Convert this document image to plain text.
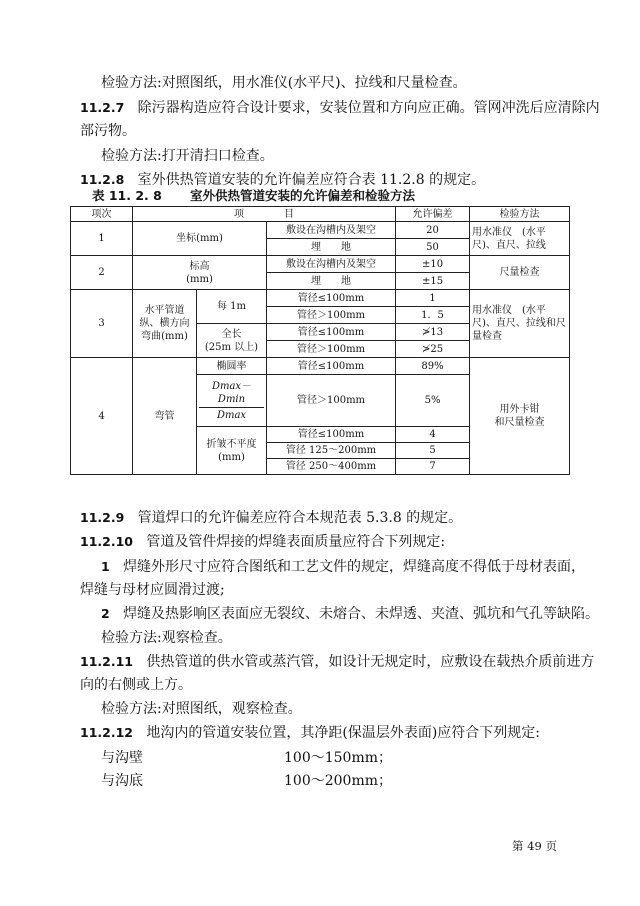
检验方法:对照图纸，用水准仪(水平尺)、拉线和尺量检查。
11.2.7 除污器构造应符合设计要求，安装位置和方向应正确。管网冲洗后应清除内
部污物。
检验方法:打开清扫口检查。
11.2.8 室外供热管道安装的允许偏差应符合表 11.2.8 的规定。
表 11. 2. 8 室外供热管道安装的允许偏差和检验方法
项次	项　　　　目			允许偏差	检验方法
1	坐标(mm)		敷设在沟槽内及架空	20	用水准仪　(水平尺)、直尺、拉线
			埋　　地	50	
2	标高
(mm)		敷设在沟槽内及架空	±10	尺量检查
			埋　　地	±15	
3	水平管道纵、横方向弯曲(mm)	每 1m	管径≤100mm	1	用水准仪　(水平尺)、直尺、拉线和尺量检查
			管径＞100mm	1．5	

		全长
(25m 以上)	管径≤100mm	≯13	
			管径＞100mm	≯25	
4	弯管	椭圆率	管径≤100mm	89%	用外卡钳
和尺量检查

		$\frac{Dmax-Dmin}{Dmax}$	管径＞100mm	5%	

		折皱不平度
(mm)	管径≤100mm	4	
			管径 125～200mm	5	
			管径 250～400mm	7	
11.2.9 管道焊口的允许偏差应符合本规范表 5.3.8 的规定。
11.2.10 管道及管件焊接的焊缝表面质量应符合下列规定:
1 焊缝外形尺寸应符合图纸和工艺文件的规定，焊缝高度不得低于母材表面，
焊缝与母材应圆滑过渡;
2 焊缝及热影响区表面应无裂纹、未熔合、未焊透、夹渣、弧坑和气孔等缺陷。
检验方法:观察检查。
11.2.11 供热管道的供水管或蒸汽管，如设计无规定时，应敷设在载热介质前进方
向的右侧或上方。
检验方法:对照图纸，观察检查。
11.2.12 地沟内的管道安装位置，其净距(保温层外表面)应符合下列规定:
与沟壁	100～150mm；
与沟底	100～200mm；
第 49 页
